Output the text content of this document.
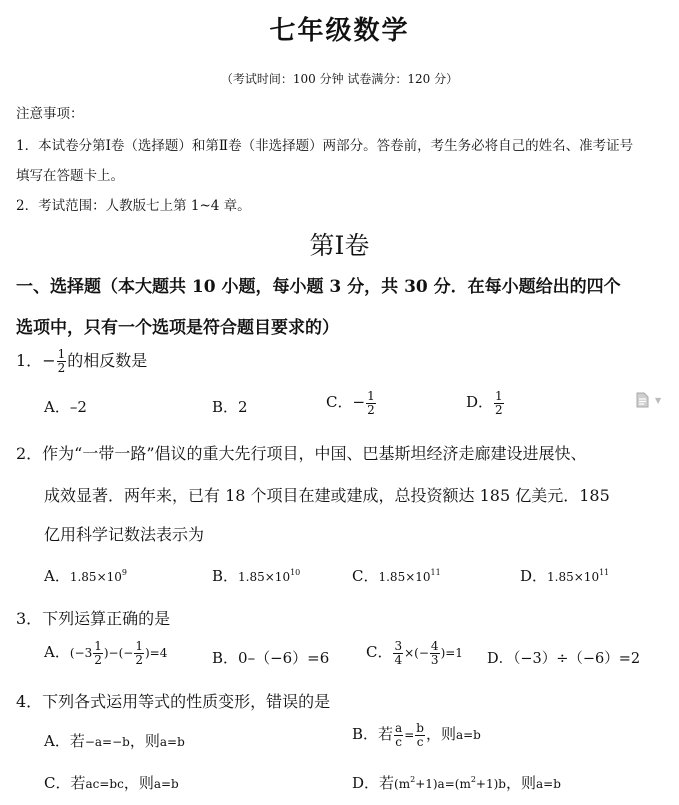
七年级数学
（考试时间：100 分钟 试卷满分：120 分）
注意事项：
1．本试卷分第Ⅰ卷（选择题）和第Ⅱ卷（非选择题）两部分。答卷前，考生务必将自己的姓名、准考证号
填写在答题卡上。
2．考试范围：人教版七上第 1~4 章。
第Ⅰ卷
一、选择题（本大题共 10 小题，每小题 3 分，共 30 分．在每小题给出的四个
选项中，只有一个选项是符合题目要求的）
1．− $\frac{1}{2}$ 的相反数是
A．–2	B．2	C．− $\frac{1}{2}$	D． $\frac{1}{2}$	▼
2．作为“一带一路”倡议的重大先行项目，中国、巴基斯坦经济走廊建设进展快、
成效显著．两年来，已有 18 个项目在建或建成，总投资额达 185 亿美元．185
亿用科学记数法表示为
A．$1.85\times 10^9$	B．$1.85\times 10^{10}$	C．$1.85\times 10^{11}$	D．$1.85\times 10^{11}$
3．下列运算正确的是
A．($-3 \frac{1}{2}$ )−(− $\frac{1}{2} )=4$	B．0–（−6）=6 C． $\frac{3}{4}$ ×(− $\frac{4}{3} )=1$ D．（−3）÷（−6）=2
4．下列各式运用等式的性质变形，错误的是
A．若−a=−b，则a=b	B．若 $\frac{a}{c} = \frac{b}{c}$ ，则a=b
C．若ac=bc，则a=b	D．若$(m^2+1)a=(m^2+1)b$，则a=b
